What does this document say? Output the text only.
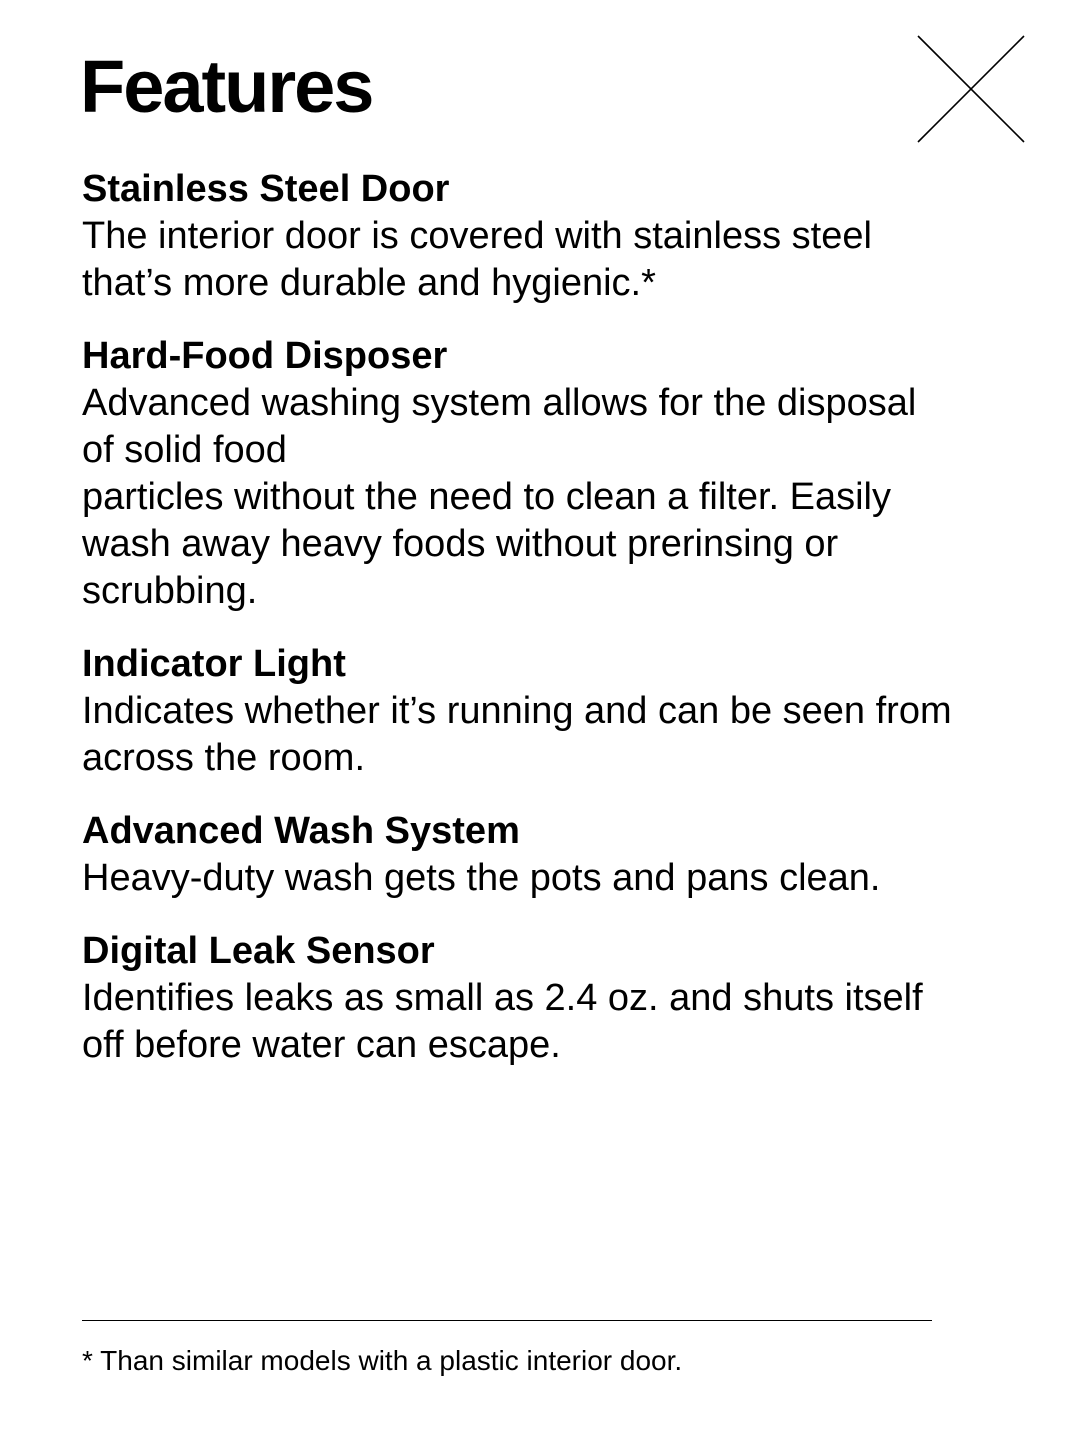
Features
Stainless Steel Door

The interior door is covered with stainless steel
that’s more durable and hygienic.*

Hard-Food Disposer

Advanced washing system allows for the disposal
of solid food
particles without the need to clean a filter. Easily
wash away heavy foods without prerinsing or
scrubbing.

Indicator Light

Indicates whether it’s running and can be seen from
across the room.

Advanced Wash System

Heavy-duty wash gets the pots and pans clean.

Digital Leak Sensor

Identifies leaks as small as 2.4 oz. and shuts itself
off before water can escape.

* Than similar models with a plastic interior door.
